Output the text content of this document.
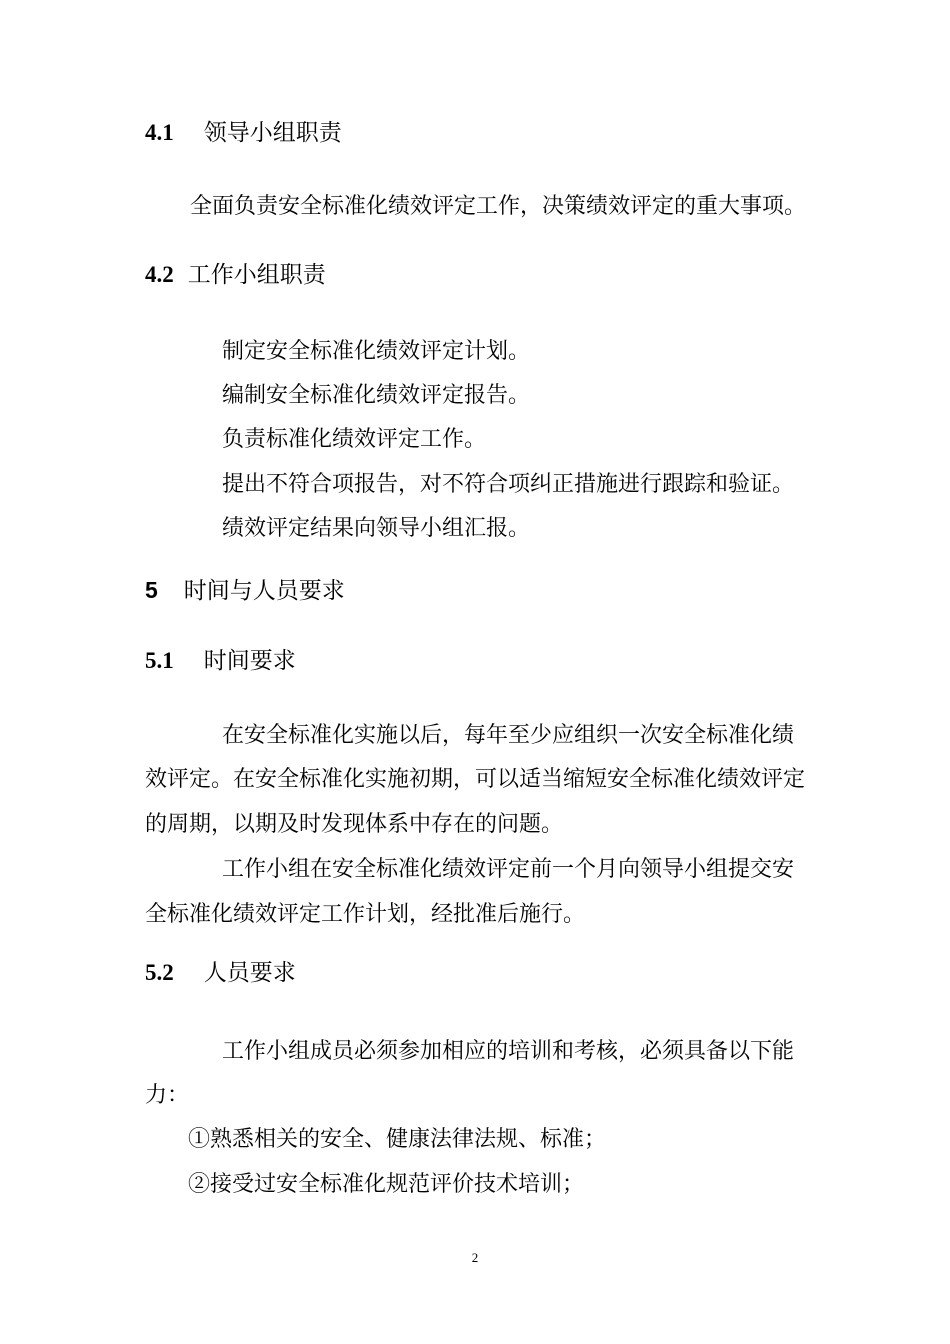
4.1 领导小组职责
全面负责安全标准化绩效评定工作，决策绩效评定的重大事项。
4.2 工作小组职责
制定安全标准化绩效评定计划。
编制安全标准化绩效评定报告。
负责标准化绩效评定工作。
提出不符合项报告，对不符合项纠正措施进行跟踪和验证。
绩效评定结果向领导小组汇报。
5 时间与人员要求
5.1 时间要求
在安全标准化实施以后，每年至少应组织一次安全标准化绩
效评定。在安全标准化实施初期，可以适当缩短安全标准化绩效评定
的周期，以期及时发现体系中存在的问题。
工作小组在安全标准化绩效评定前一个月向领导小组提交安
全标准化绩效评定工作计划，经批准后施行。
5.2 人员要求
工作小组成员必须参加相应的培训和考核，必须具备以下能
力：
①熟悉相关的安全、健康法律法规、标准；
②接受过安全标准化规范评价技术培训；
2
